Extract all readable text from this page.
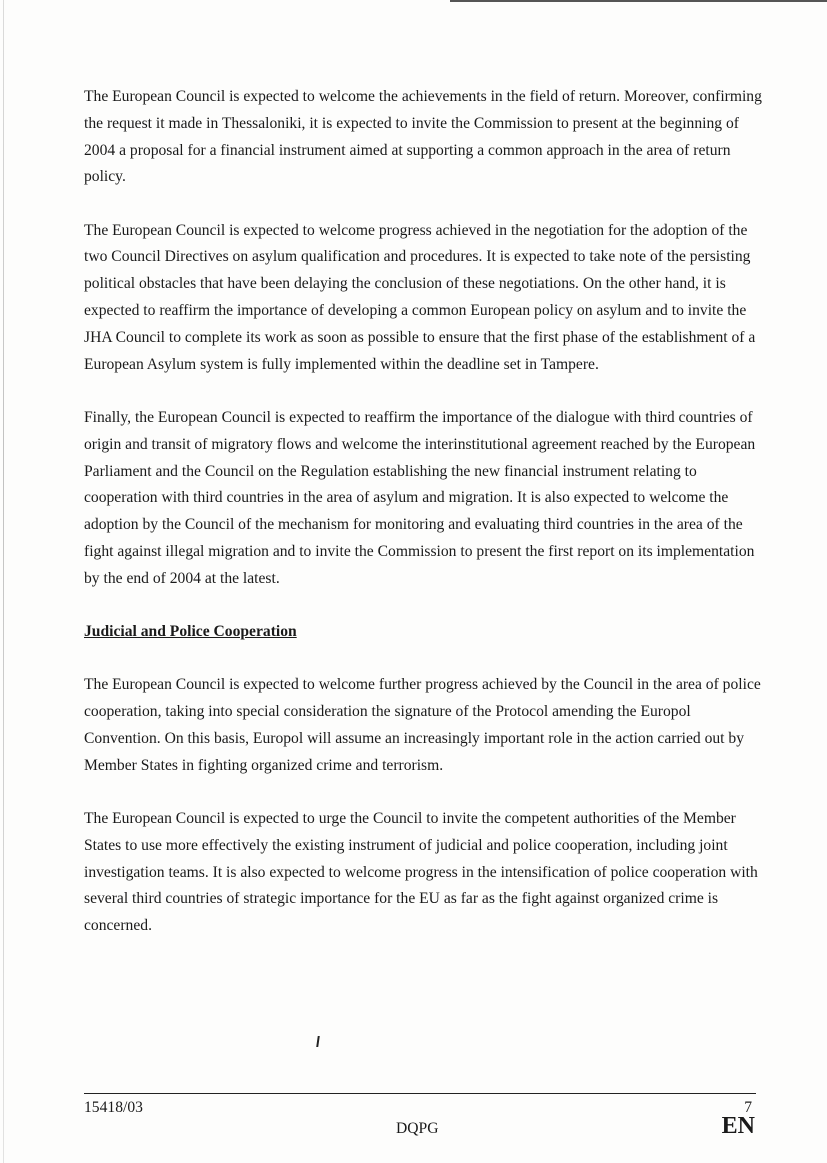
The European Council is expected to welcome the achievements in the field of return. Moreover, confirming the request it made in Thessaloniki, it is expected to invite the Commission to present at the beginning of 2004 a proposal for a financial instrument aimed at supporting a common approach in the area of return policy.

The European Council is expected to welcome progress achieved in the negotiation for the adoption of the two Council Directives on asylum qualification and procedures. It is expected to take note of the persisting political obstacles that have been delaying the conclusion of these negotiations. On the other hand, it is expected to reaffirm the importance of developing a common European policy on asylum and to invite the JHA Council to complete its work as soon as possible to ensure that the first phase of the establishment of a European Asylum system is fully implemented within the deadline set in Tampere.

Finally, the European Council is expected to reaffirm the importance of the dialogue with third countries of origin and transit of migratory flows and welcome the interinstitutional agreement reached by the European Parliament and the Council on the Regulation establishing the new financial instrument relating to cooperation with third countries in the area of asylum and migration. It is also expected to welcome the adoption by the Council of the mechanism for monitoring and evaluating third countries in the area of the fight against illegal migration and to invite the Commission to present the first report on its implementation by the end of 2004 at the latest.

Judicial and Police Cooperation

The European Council is expected to welcome further progress achieved by the Council in the area of police cooperation, taking into special consideration the signature of the Protocol amending the Europol Convention. On this basis, Europol will assume an increasingly important role in the action carried out by Member States in fighting organized crime and terrorism.

The European Council is expected to urge the Council to invite the competent authorities of the Member States to use more effectively the existing instrument of judicial and police cooperation, including joint investigation teams. It is also expected to welcome progress in the intensification of police cooperation with several third countries of strategic importance for the EU as far as the fight against organized crime is concerned.

15418/03	7
DQPG	EN
